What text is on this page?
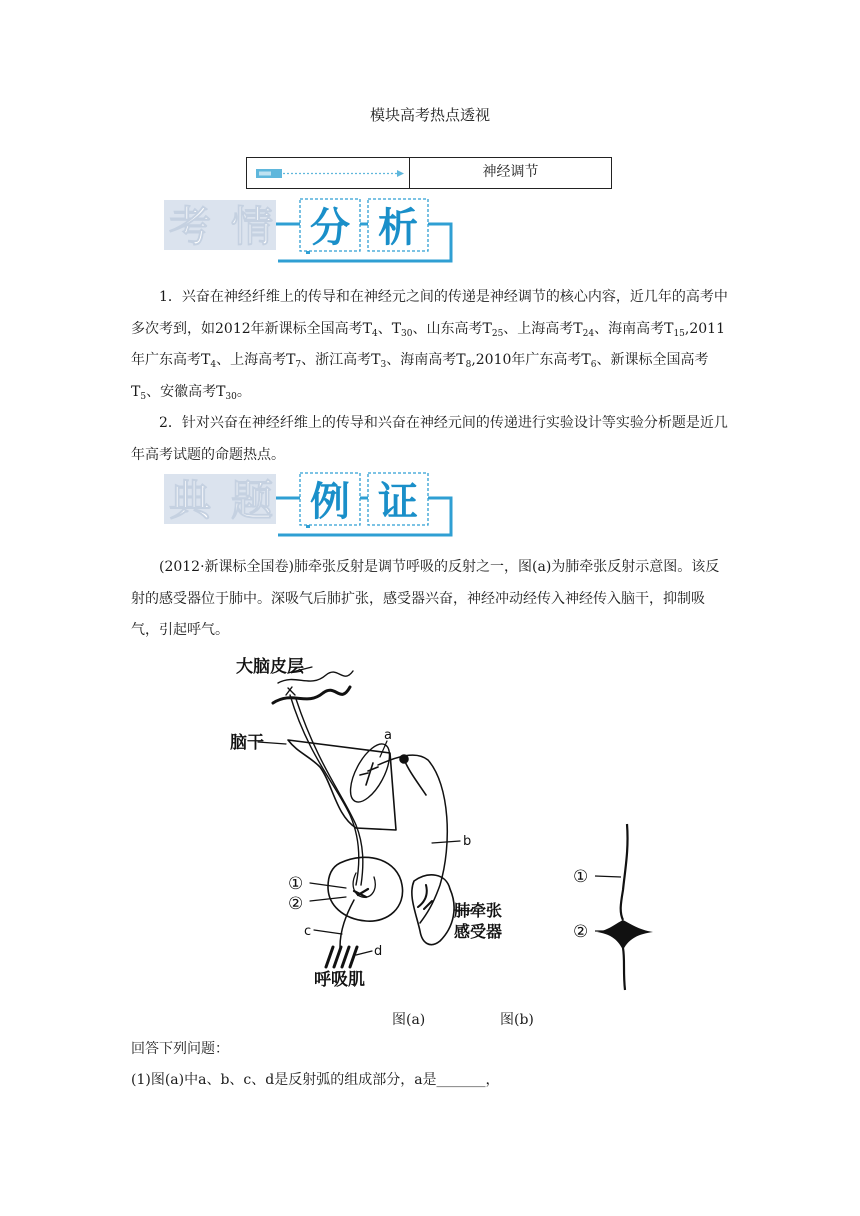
模块高考热点透视
神经调节
考 情 分 析

1．兴奋在神经纤维上的传导和在神经元之间的传递是神经调节的核心内容，近几年的高考中多次考到，如2012年新课标全国高考$T_4$、$T_{30}$、山东高考$T_{25}$、上海高考$T_{24}$、海南高考$T_{15},2011$年广东高考$T_4$、上海高考$T_7$、浙江高考$T_3$、海南高考$T_8,2010$年广东高考$T_6$、新课标全国高考$T_5$、安徽高考$T_{30}$。

2．针对兴奋在神经纤维上的传导和兴奋在神经元间的传递进行实验设计等实验分析题是近几年高考试题的命题热点。

典 题 例 证

(2012·新课标全国卷)肺牵张反射是调节呼吸的反射之一，图(a)为肺牵张反射示意图。该反射的感受器位于肺中。深吸气后肺扩张，感受器兴奋，神经冲动经传入神经传入脑干，抑制吸气，引起呼气。

大脑皮层
脑干	a
b
c
d
①
②	肺牵张
感受器
呼吸肌
①
②
图(a)	图(b)
回答下列问题：
(1)图(a)中a、b、c、d是反射弧的组成部分，a是_______，
